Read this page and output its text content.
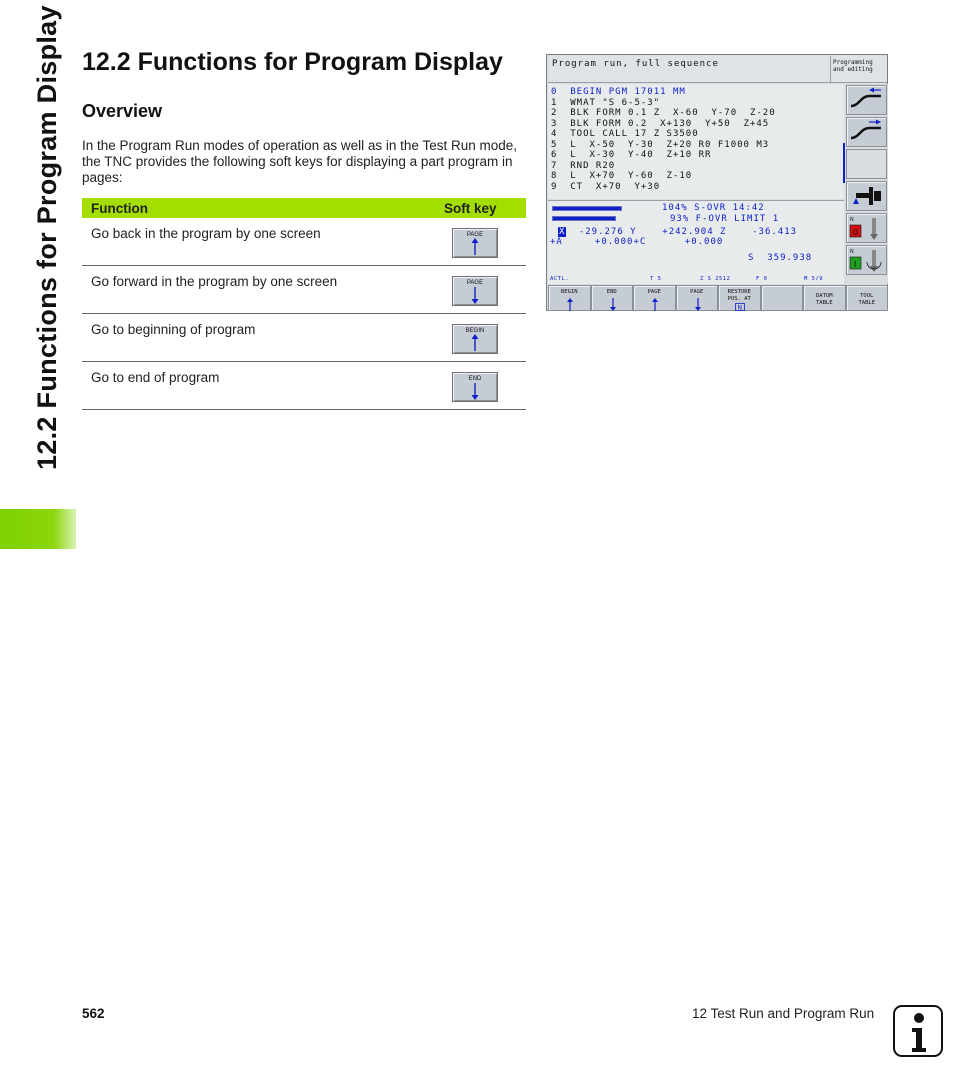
12.2 Functions for Program Display 12.2 Functions for Program Display
Overview

In the Program Run modes of operation as well as in the Test Run mode, the TNC provides the following soft keys for displaying a part program in pages:

Function	Soft key
Go back in the program by one screen	PAGE
Go forward in the program by one screen	PAGE
Go to beginning of program	BEGIN
Go to end of program	END
Program run, full sequence	Programming
and editing
0  BEGIN PGM 17011 MM
1  WMAT "S 6-5-3"
2  BLK FORM 0.1 Z  X-60  Y-70  Z-20
3  BLK FORM 0.2  X+130  Y+50  Z+45
4  TOOL CALL 17 Z S3500
5  L  X-50  Y-30  Z+20 R0 F1000 M3
6  L  X-30  Y-40  Z+10 RR
7  RND R20
8  L  X+70  Y-60  Z-10
9  CT  X+70  Y+30
104% S-OVR 14:42
93% F-OVR LIMIT 1
X -29.276 Y    +242.904 Z    -36.413
+A     +0.000+C      +0.000
S  359.938
ACTL.	T 5	Z S 2512	F 0	M 5/9
N
0
N
I
BEGIN	END	PAGE	PAGE	RESTORE POS. AT
N
DATUM TABLE
TOOL TABLE
562	12 Test Run and Program Run
